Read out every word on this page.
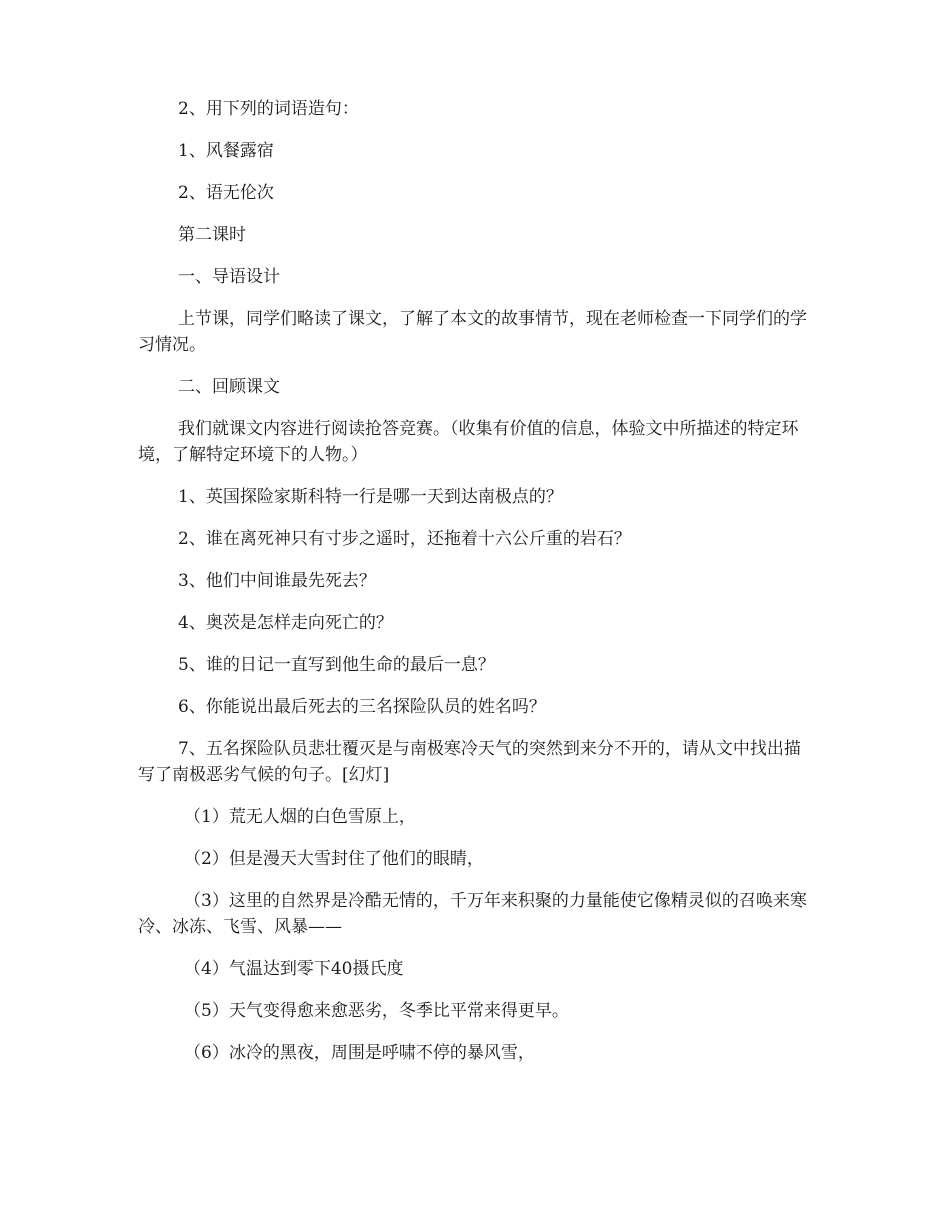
2、用下列的词语造句：

1、风餐露宿

2、语无伦次

第二课时

一、导语设计

上节课，同学们略读了课文，了解了本文的故事情节，现在老师检查一下同学们的学习情况。

二、回顾课文

我们就课文内容进行阅读抢答竞赛。（收集有价值的信息，体验文中所描述的特定环境，了解特定环境下的人物。）

1、英国探险家斯科特一行是哪一天到达南极点的？

2、谁在离死神只有寸步之遥时，还拖着十六公斤重的岩石？

3、他们中间谁最先死去？

4、奥茨是怎样走向死亡的？

5、谁的日记一直写到他生命的最后一息？

6、你能说出最后死去的三名探险队员的姓名吗？

7、五名探险队员悲壮覆灭是与南极寒冷天气的突然到来分不开的，请从文中找出描写了南极恶劣气候的句子。[幻灯]

（1）荒无人烟的白色雪原上，

（2）但是漫天大雪封住了他们的眼睛，

（3）这里的自然界是冷酷无情的，千万年来积聚的力量能使它像精灵似的召唤来寒冷、冰冻、飞雪、风暴——

（4）气温达到零下40摄氏度

（5）天气变得愈来愈恶劣，冬季比平常来得更早。

（6）冰冷的黑夜，周围是呼啸不停的暴风雪，
